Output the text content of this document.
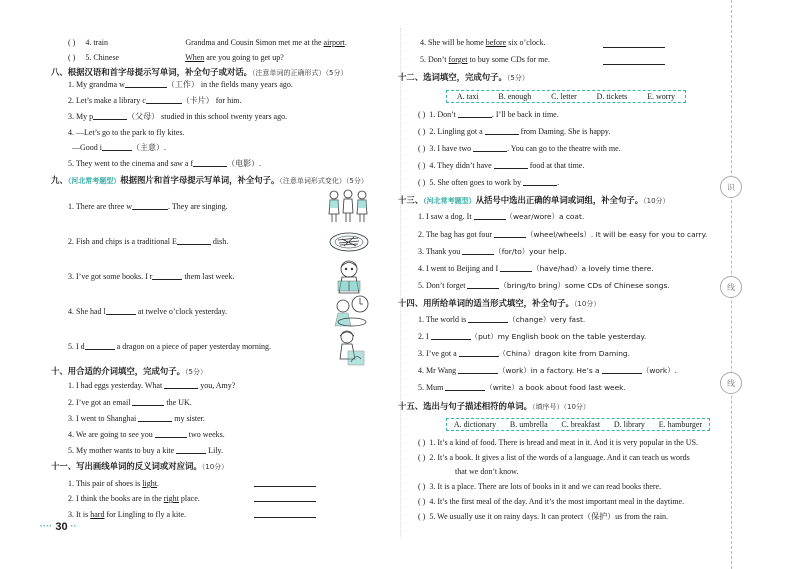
( ) 4. train	Grandma and Cousin Simon met me at the airport.
( ) 5. Chinese	When are you going to get up?
八、根据汉语和首字母提示写单词，补全句子或对话。（注意单词的正确形式）（5分）
1. My grandma w	（工作） in the fields many years ago.
2. Let’s make a library c	（卡片） for him.
3. My p	（父母） studied in this school twenty years ago.
4. —Let’s go to the park to fly kites.
—Good i	（主意）.
5. They went to the cinema and saw a f	（电影）.
九、（河北常考题型）根据图片和首字母提示写单词，补全句子。（注意单词形式变化）（5分）
1. There are three w	. They are singing.
2. Fish and chips is a traditional E	dish.
3. I’ve got some books. I r	them last week.
4. She had l	at twelve o’clock yesterday.
5. I d	a dragon on a piece of paper yesterday morning.
十、用合适的介词填空，完成句子。（5分）
1. I had eggs yesterday. What	you, Amy?
2. I’ve got an email	the UK.
3. I went to Shanghai	my sister.
4. We are going to see you	two weeks.
5. My mother wants to buy a kite	Lily.
十一、写出画线单词的反义词或对应词。（10分）
1. This pair of shoes is light.
2. I think the books are in the right place.
3. It is hard for Lingling to fly a kite.
•••• 30 ••
4. She will be home before six o’clock.
5. Don’t forget to buy some CDs for me.
十二、选词填空，完成句子。（5分）
A. taxi B. enough C. letter D. tickets E. worry
( ) 1. Don’t	. I’ll be back in time.
( ) 2. Lingling got a	from Daming. She is happy.
( ) 3. I have two	. You can go to the theatre with me.
( ) 4. They didn’t have	food at that time.
( ) 5. She often goes to work by	.
十三、（河北常考题型）从括号中选出正确的单词或词组，补全句子。（10分）
1. I saw a dog. It	（wear/wore）a coat.
2. The bag has got four	（wheel/wheels）. It will be easy for you to carry.
3. Thank you	（for/to）your help.
4. I went to Beijing and I	（have/had）a lovely time there.
5. Don’t forget	（bring/to bring）some CDs of Chinese songs.
十四、用所给单词的适当形式填空，补全句子。（10分）
1. The world is	（change）very fast.
2. I	（put）my English book on the table yesterday.
3. I’ve got a	（China）dragon kite from Daming.
4. Mr Wang	（work）in a factory. He’s a	（work）.
5. Mum	（write）a book about food last week.
十五、选出与句子描述相符的单词。（填序号）（10分）
A. dictionary B. umbrella C. breakfast D. library E. hamburger
( ) 1. It’s a kind of food. There is bread and meat in it. And it is very popular in the US.
( ) 2. It’s a book. It gives a list of the words of a language. And it can teach us words
that we don’t know.
( ) 3. It is a place. There are lots of books in it and we can read books there.
( ) 4. It’s the first meal of the day. And it’s the most important meal in the daytime.
( ) 5. We usually use it on rainy days. It can protect（保护）us from the rain.
识
线
线
